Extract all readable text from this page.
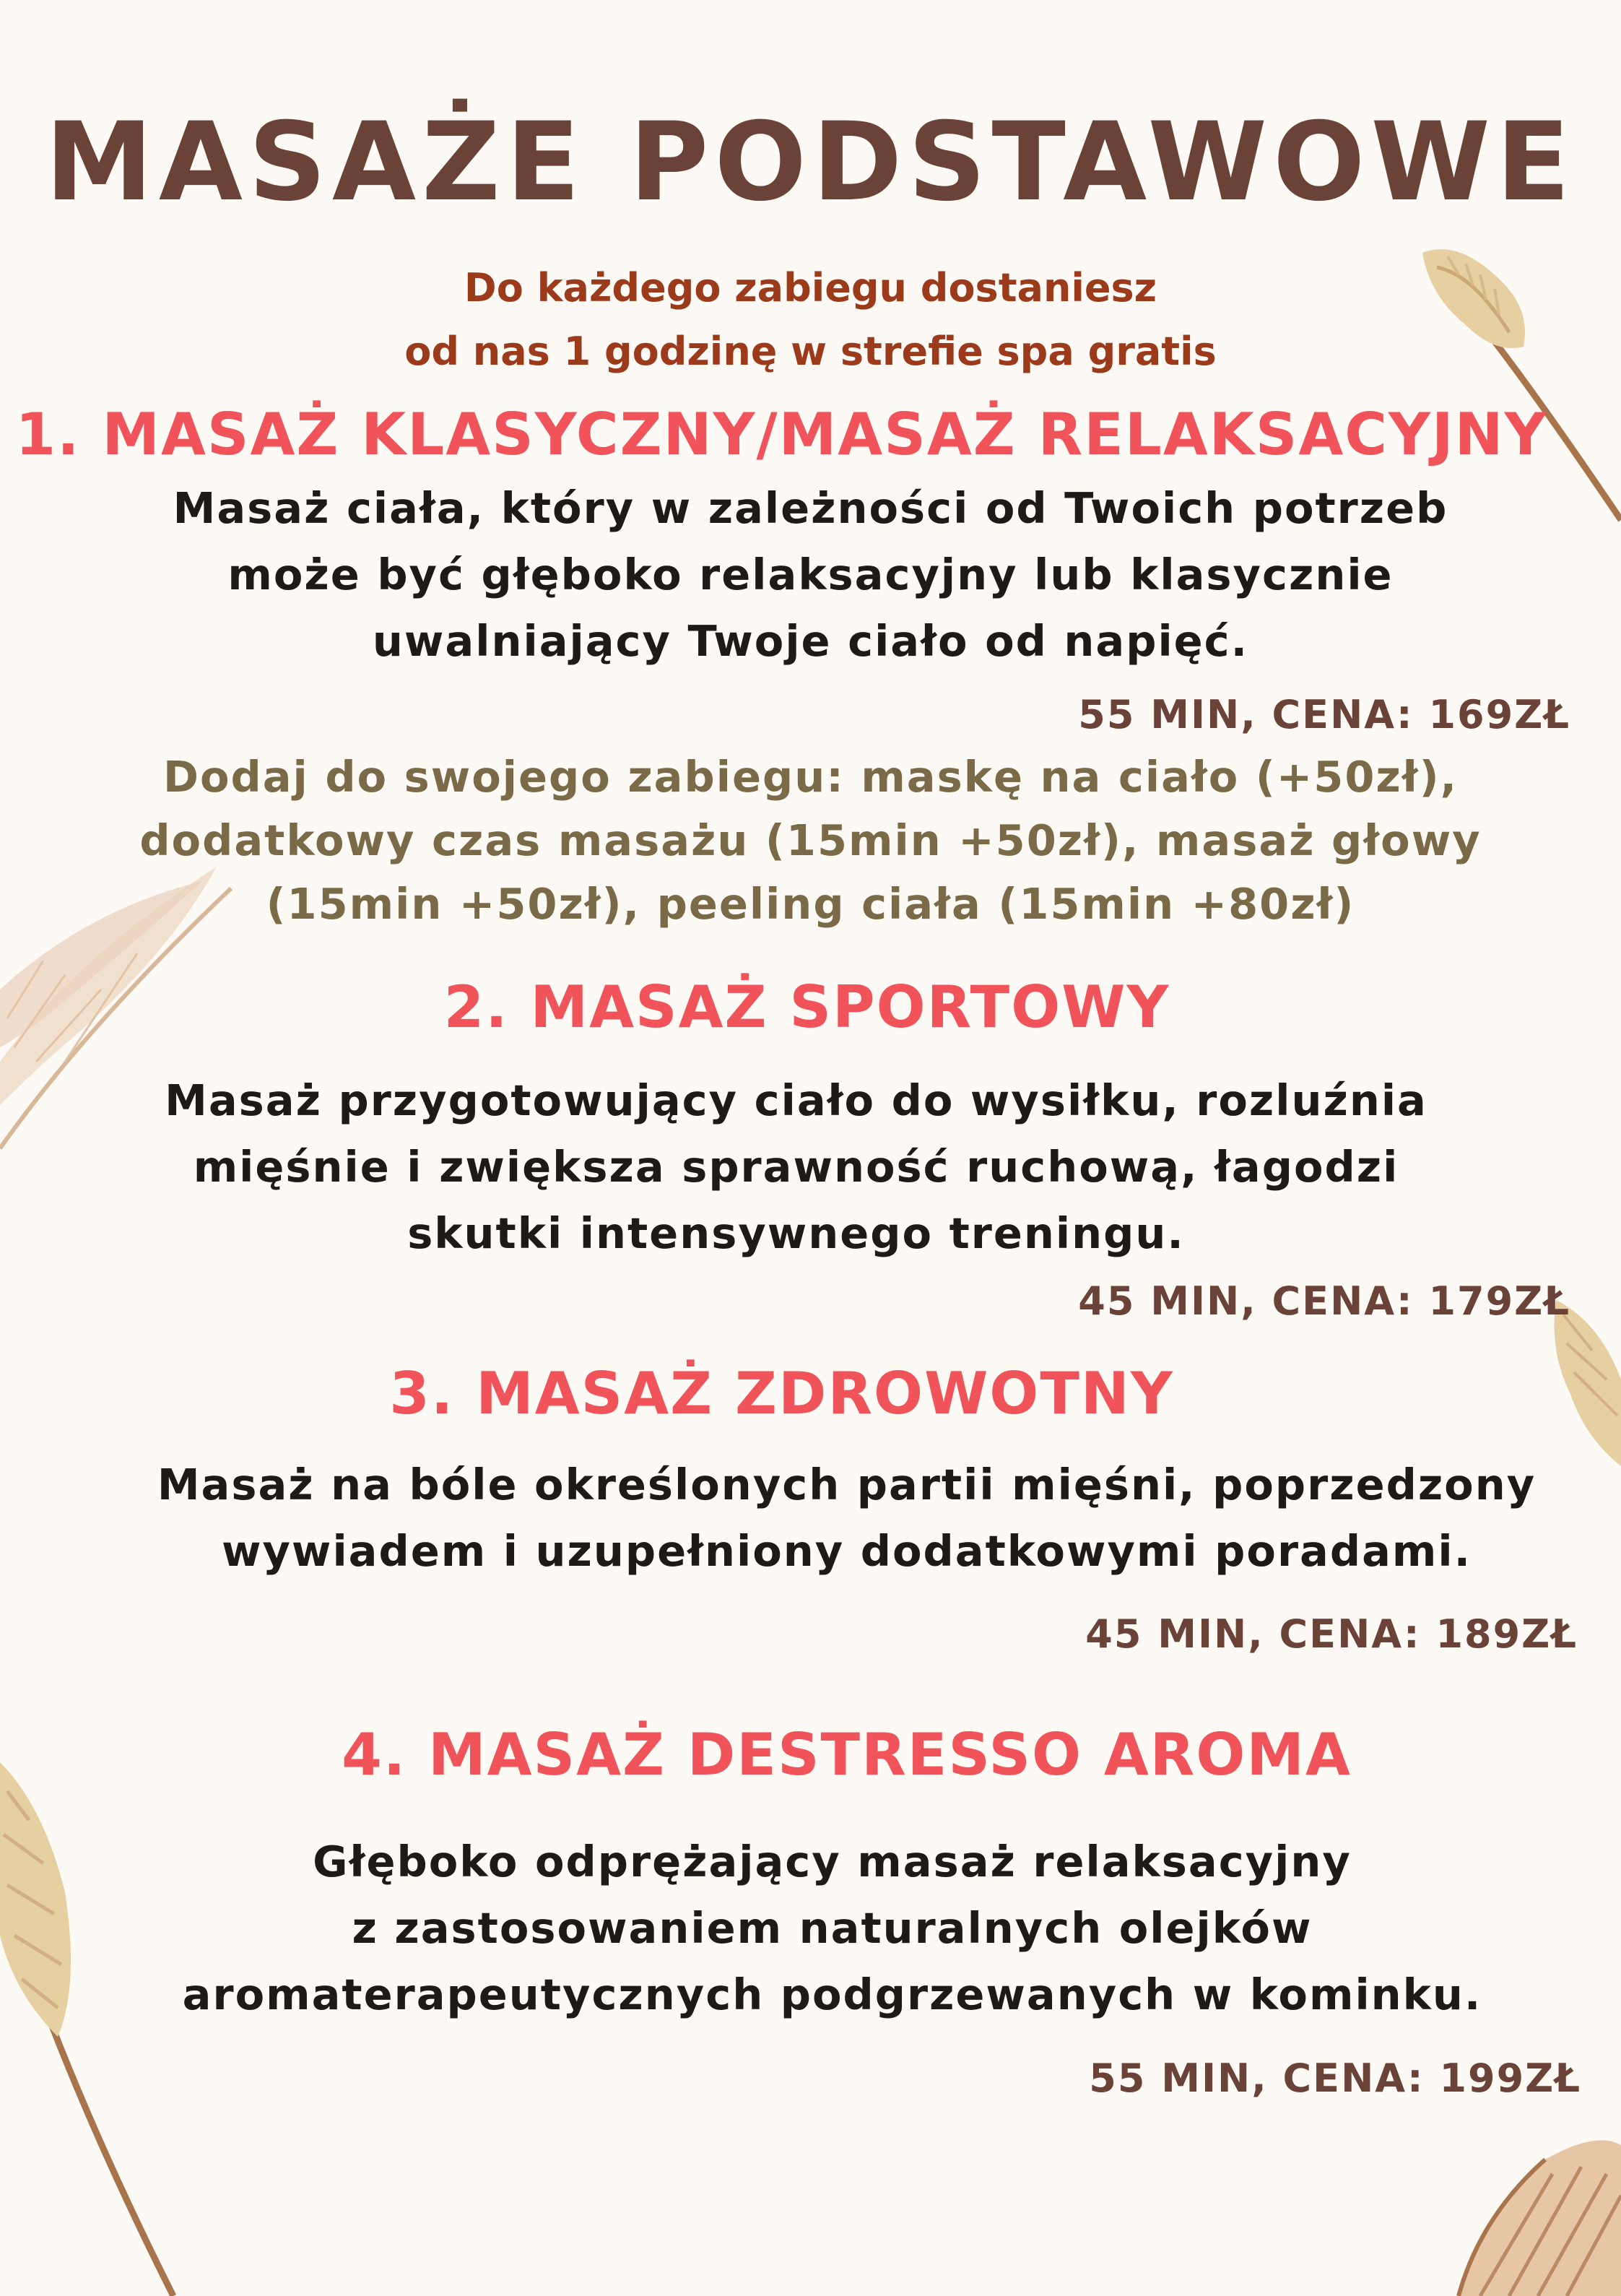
MASAŻE PODSTAWOWE
Do każdego zabiegu dostaniesz
od nas 1 godzinę w strefie spa gratis
1. MASAŻ KLASYCZNY/MASAŻ RELAKSACYJNY
Masaż ciała, który w zależności od Twoich potrzeb
może być głęboko relaksacyjny lub klasycznie
uwalniający Twoje ciało od napięć.
55 MIN, CENA: 169ZŁ
Dodaj do swojego zabiegu: maskę na ciało (+50zł),
dodatkowy czas masażu (15min +50zł), masaż głowy
(15min +50zł), peeling ciała (15min +80zł)
2. MASAŻ SPORTOWY
Masaż przygotowujący ciało do wysiłku, rozluźnia
mięśnie i zwiększa sprawność ruchową, łagodzi
skutki intensywnego treningu.
45 MIN, CENA: 179ZŁ
3. MASAŻ ZDROWOTNY
Masaż na bóle określonych partii mięśni, poprzedzony
wywiadem i uzupełniony dodatkowymi poradami.
45 MIN, CENA: 189ZŁ
4. MASAŻ DESTRESSO AROMA
Głęboko odprężający masaż relaksacyjny
z zastosowaniem naturalnych olejków
aromaterapeutycznych podgrzewanych w kominku.
55 MIN, CENA: 199ZŁ
